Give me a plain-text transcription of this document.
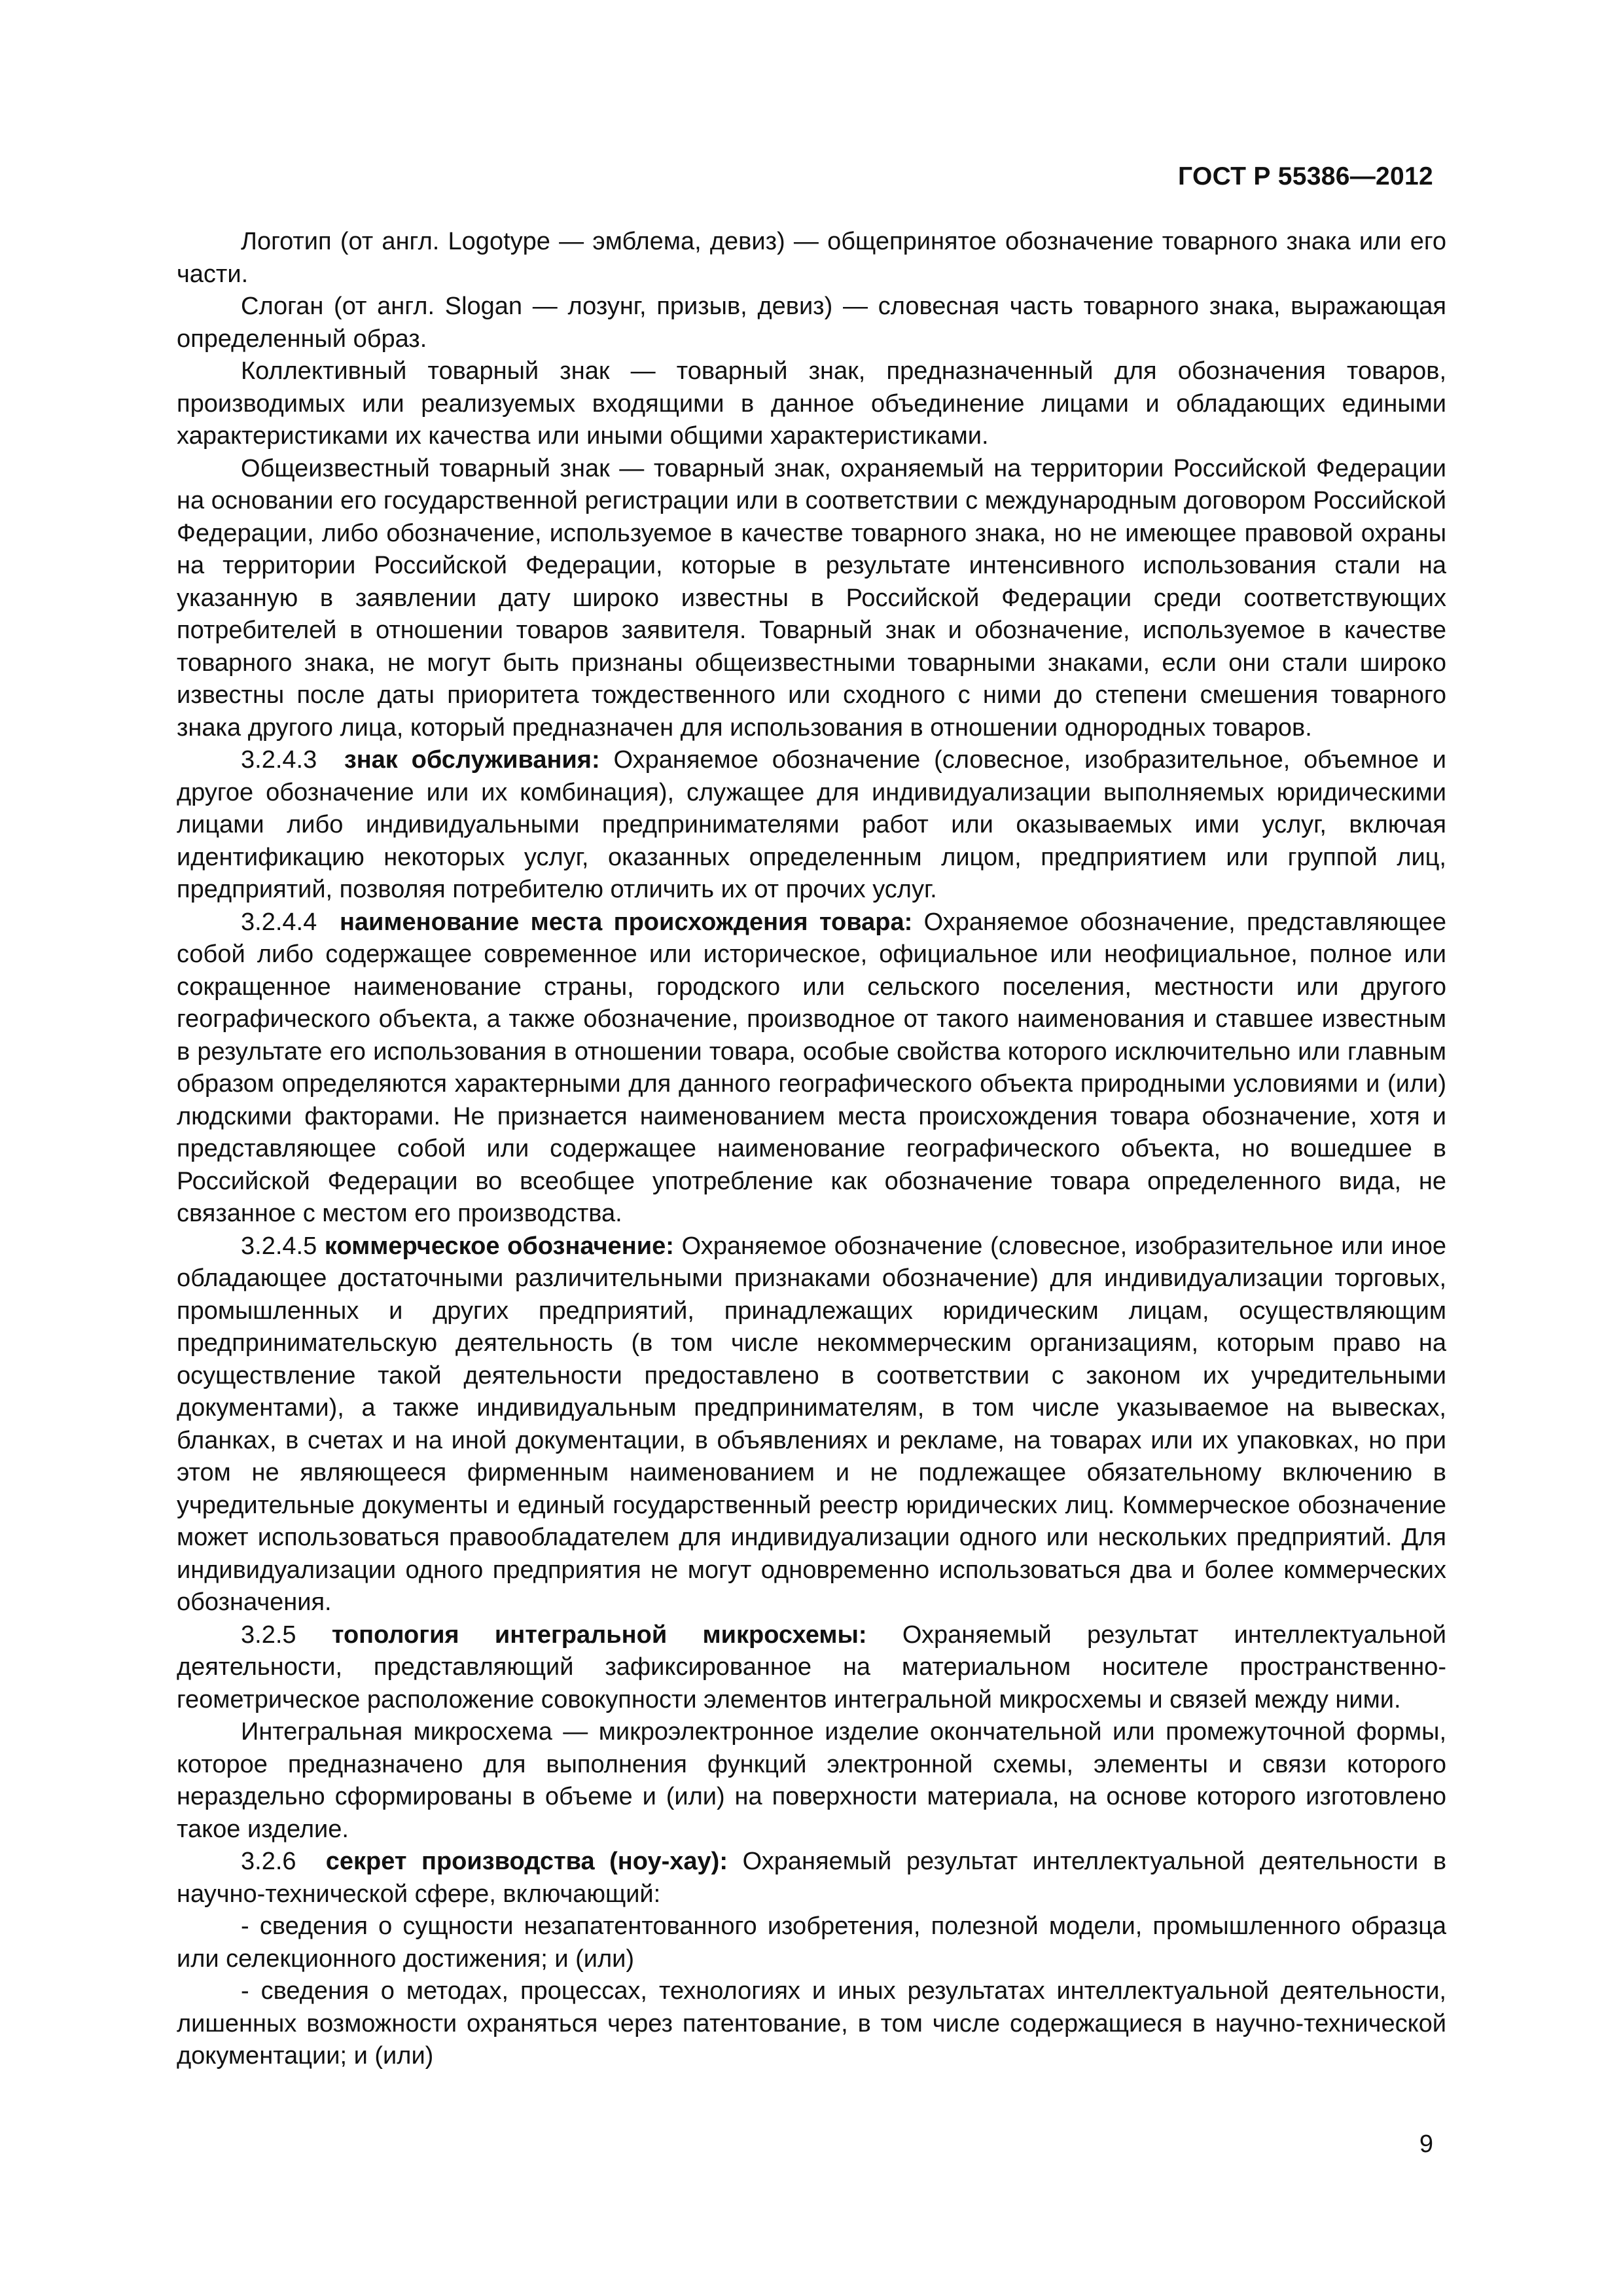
ГОСТ Р 55386—2012

Логотип (от англ. Logotype — эмблема, девиз) — общепринятое обозначение товарного знака или его части.

Слоган (от англ. Slogan — лозунг, призыв, девиз) — словесная часть товарного знака, выражающая определенный образ.

Коллективный товарный знак — товарный знак, предназначенный для обозначения товаров, производимых или реализуемых входящими в данное объединение лицами и обладающих едиными характеристиками их качества или иными общими характеристиками.

Общеизвестный товарный знак — товарный знак, охраняемый на территории Российской Федерации на основании его государственной регистрации или в соответствии с международным договором Российской Федерации, либо обозначение, используемое в качестве товарного знака, но не имеющее правовой охраны на территории Российской Федерации, которые в результате интенсивного использования стали на указанную в заявлении дату широко известны в Российской Федерации среди соответствующих потребителей в отношении товаров заявителя. Товарный знак и обозначение, используемое в качестве товарного знака, не могут быть признаны общеизвестными товарными знаками, если они стали широко известны после даты приоритета тождественного или сходного с ними до степени смешения товарного знака другого лица, который предназначен для использования в отношении однородных товаров.

3.2.4.3 знак обслуживания: Охраняемое обозначение (словесное, изобразительное, объемное и другое обозначение или их комбинация), служащее для индивидуализации выполняемых юридическими лицами либо индивидуальными предпринимателями работ или оказываемых ими услуг, включая идентификацию некоторых услуг, оказанных определенным лицом, предприятием или группой лиц, предприятий, позволяя потребителю отличить их от прочих услуг.

3.2.4.4 наименование места происхождения товара: Охраняемое обозначение, представляющее собой либо содержащее современное или историческое, официальное или неофициальное, полное или сокращенное наименование страны, городского или сельского поселения, местности или другого географического объекта, а также обозначение, производное от такого наименования и ставшее известным в результате его использования в отношении товара, особые свойства которого исключительно или главным образом определяются характерными для данного географического объекта природными условиями и (или) людскими факторами. Не признается наименованием места происхождения товара обозначение, хотя и представляющее собой или содержащее наименование географического объекта, но вошедшее в Российской Федерации во всеобщее употребление как обозначение товара определенного вида, не связанное с местом его производства.

3.2.4.5 коммерческое обозначение: Охраняемое обозначение (словесное, изобразительное или иное обладающее достаточными различительными признаками обозначение) для индивидуализации торговых, промышленных и других предприятий, принадлежащих юридическим лицам, осуществляющим предпринимательскую деятельность (в том числе некоммерческим организациям, которым право на осуществление такой деятельности предоставлено в соответствии с законом их учредительными документами), а также индивидуальным предпринимателям, в том числе указываемое на вывесках, бланках, в счетах и на иной документации, в объявлениях и рекламе, на товарах или их упаковках, но при этом не являющееся фирменным наименованием и не подлежащее обязательному включению в учредительные документы и единый государственный реестр юридических лиц. Коммерческое обозначение может использоваться правообладателем для индивидуализации одного или нескольких предприятий. Для индивидуализации одного предприятия не могут одновременно использоваться два и более коммерческих обозначения.

3.2.5 топология интегральной микросхемы: Охраняемый результат интеллектуальной деятельности, представляющий зафиксированное на материальном носителе пространственно-геометрическое расположение совокупности элементов интегральной микросхемы и связей между ними.

Интегральная микросхема — микроэлектронное изделие окончательной или промежуточной формы, которое предназначено для выполнения функций электронной схемы, элементы и связи которого нераздельно сформированы в объеме и (или) на поверхности материала, на основе которого изготовлено такое изделие.

3.2.6 секрет производства (ноу-хау): Охраняемый результат интеллектуальной деятельности в научно-технической сфере, включающий:

- сведения о сущности незапатентованного изобретения, полезной модели, промышленного образца или селекционного достижения; и (или)

- сведения о методах, процессах, технологиях и иных результатах интеллектуальной деятельности, лишенных возможности охраняться через патентование, в том числе содержащиеся в научно-технической документации; и (или)

9
